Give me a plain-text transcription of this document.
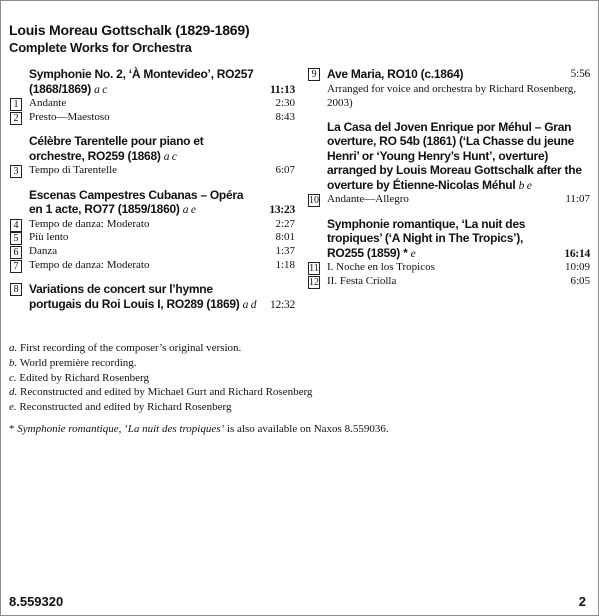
Louis Moreau Gottschalk (1829-1869)
Complete Works for Orchestra
Symphonie No. 2, ‘À Montevideo’, RO257 (1868/1869) a c	11:13
1 Andante	2:30
2 Presto—Maestoso	8:43
Célèbre Tarentelle pour piano et orchestre, RO259 (1868) a c
3 Tempo di Tarentelle	6:07
Escenas Campestres Cubanas – Opéra en 1 acte, RO77 (1859/1860) a e	13:23
4 Tempo de danza: Moderato	2:27
5 Più lento	8:01
6 Danza	1:37
7 Tempo de danza: Moderato	1:18
8 Variations de concert sur l’hymne portugais du Roi Louis I, RO289 (1869) a d 12:32
9 Ave Maria, RO10 (c.1864)	5:56
Arranged for voice and orchestra by Richard Rosenberg, 2003)
La Casa del Joven Enrique por Méhul – Gran overture, RO 54b (1861) (‘La Chasse du jeune Henri’ or ‘Young Henry’s Hunt’, overture) arranged by Louis Moreau Gottschalk after the overture by Étienne-Nicolas Méhul b e
10 Andante—Allegro	11:07
Symphonie romantique, ‘La nuit des tropiques’ (‘A Night in The Tropics’), RO255 (1859) * e	16:14
11 I. Noche en los Tropicos	10:09
12 II. Festa Criolla	6:05
a. First recording of the composer’s original version.
b. World première recording.
c. Edited by Richard Rosenberg
d. Reconstructed and edited by Michael Gurt and Richard Rosenberg
e. Reconstructed and edited by Richard Rosenberg
* Symphonie romantique, ‘La nuit des tropiques’ is also available on Naxos 8.559036.
8.559320	2
